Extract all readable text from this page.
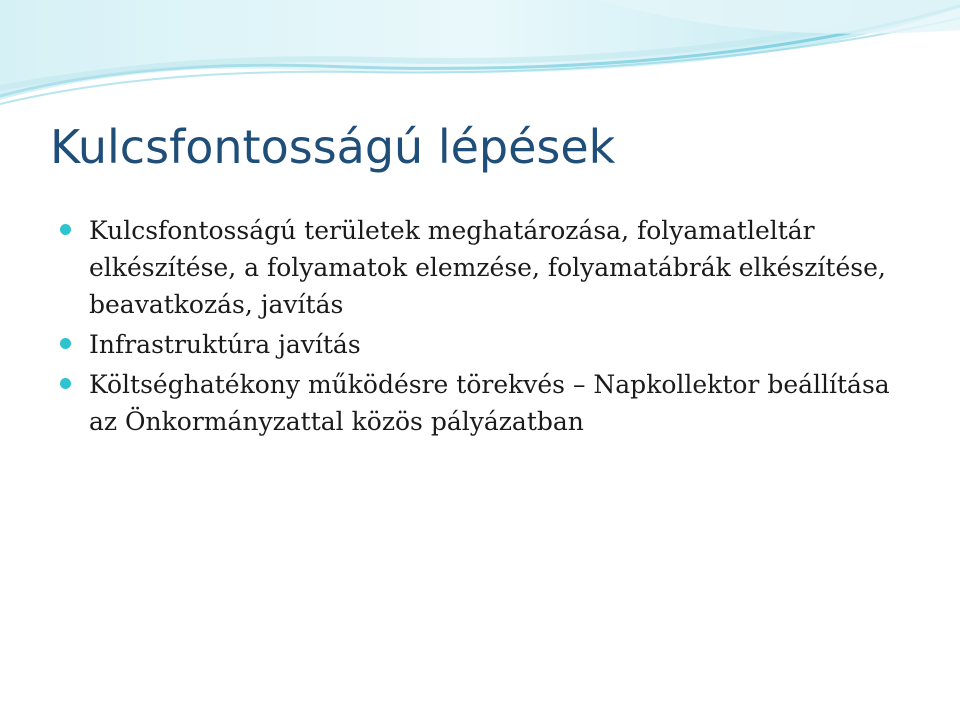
Kulcsfontosságú lépések
Kulcsfontosságú területek meghatározása, folyamatleltár elkészítése, a folyamatok elemzése, folyamatábrák elkészítése, beavatkozás, javítás
Infrastruktúra javítás
Költséghatékony működésre törekvés – Napkollektor beállítása az Önkormányzattal közös pályázatban
